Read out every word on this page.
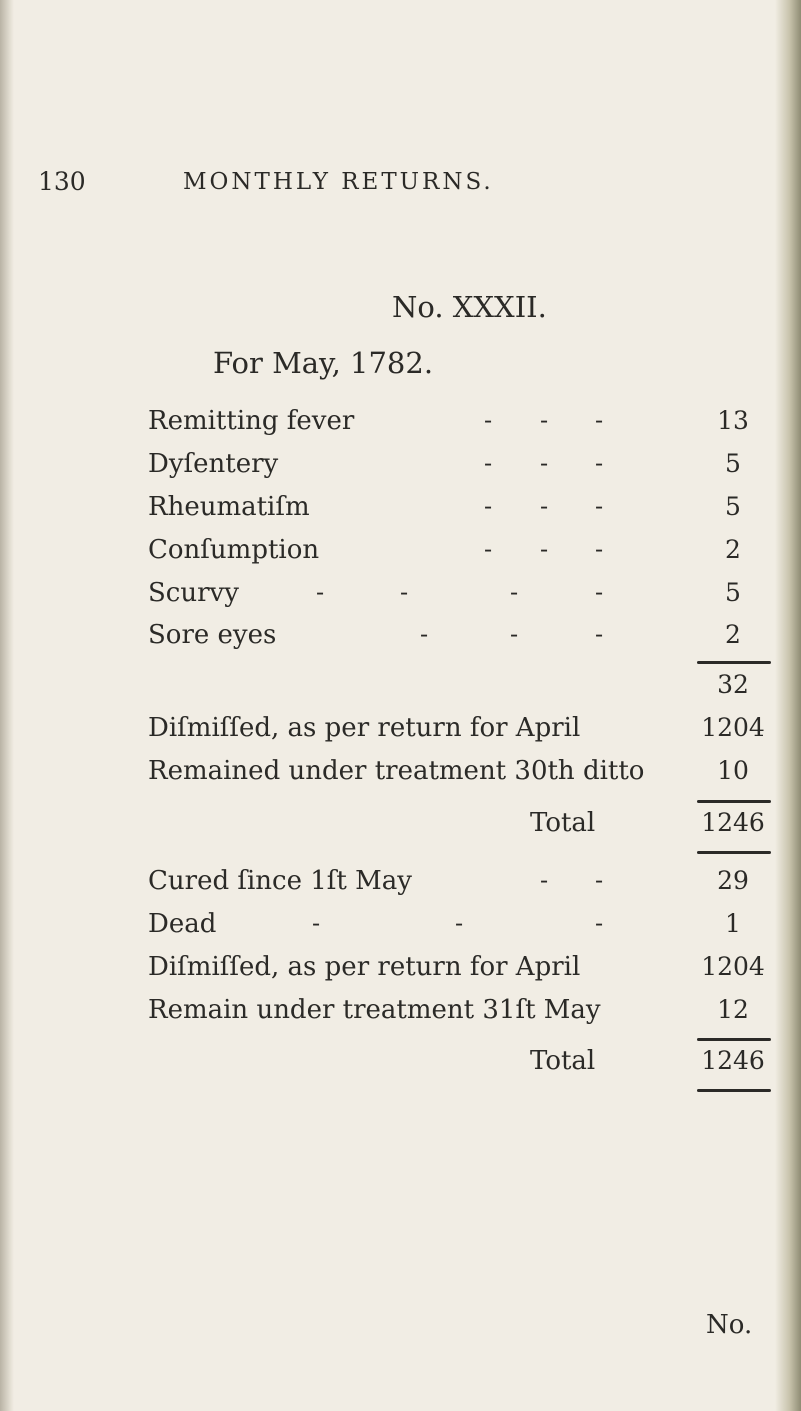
130	MONTHLY RETURNS.
No. XXXII.
For May, 1782.
Remitting fever	- - -	13
Dyſentery	- - -	5
Rheumatiſm	- - -	5
Conſumption	- - -	2
Scurvy	-	-	-	-	5
Sore eyes	-	-	-	2
32
Diſmiſſed, as per return for April	1204
Remained under treatment 30th ditto	10
Total	1246
Cured ſince 1ſt May	- -	29
Dead	-	-	-	1
Diſmiſſed, as per return for April	1204
Remain under treatment 31ſt May	12
Total	1246
No.
